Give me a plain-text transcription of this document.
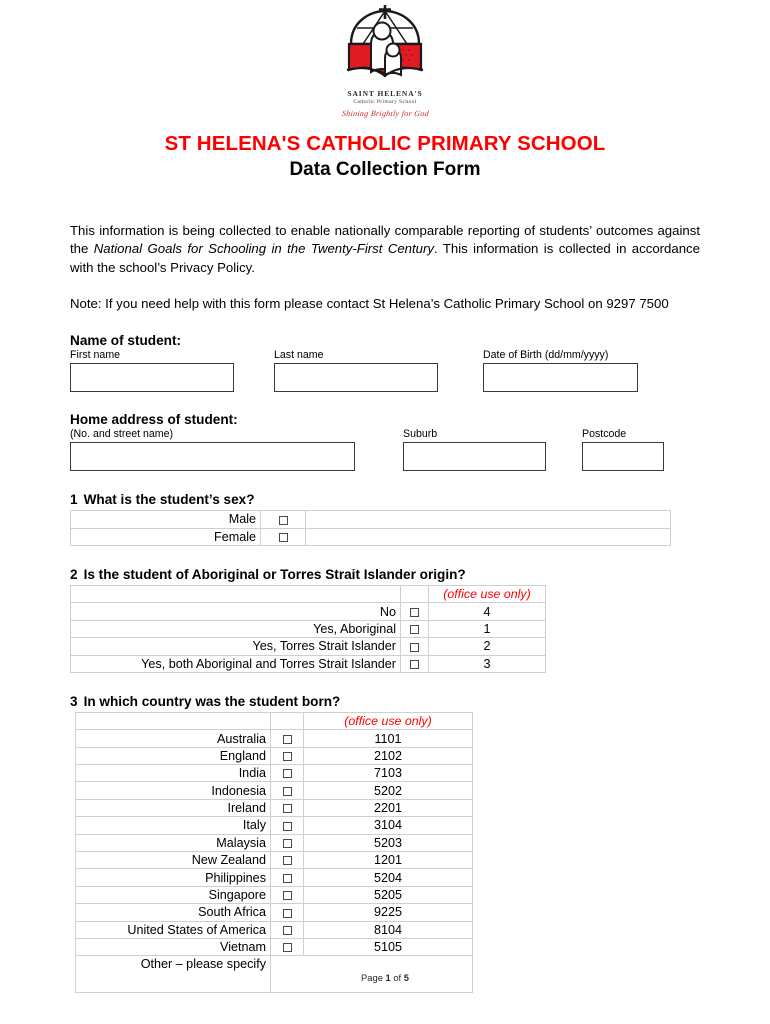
SAINT HELENA'S
Catholic Primary School
Shining Brightly for God
ST HELENA'S CATHOLIC PRIMARY SCHOOL
Data Collection Form

This information is being collected to enable nationally comparable reporting of students’ outcomes against the National Goals for Schooling in the Twenty-First Century. This information is collected in accordance with the school’s Privacy Policy.

Note: If you need help with this form please contact St Helena’s Catholic Primary School on 9297 7500

Name of student:
First name	Last name	Date of Birth (dd/mm/yyyy)
Home address of student:
(No. and street name)	Suburb	Postcode
1 What is the student’s sex?
Male		
Female		
2 Is the student of Aboriginal or Torres Strait Islander origin?

		(office use only)

No		4
Yes, Aboriginal		1
Yes, Torres Strait Islander		2
Yes, both Aboriginal and Torres Strait Islander		3
3 In which country was the student born?

		(office use only)

Australia		1101
England		2102
India		7103
Indonesia		5202
Ireland		2201
Italy		3104
Malaysia		5203
New Zealand		1201
Philippines		5204
Singapore		5205
South Africa		9225
United States of America		8104
Vietnam		5105
Other – please specify		
Page 1 of 5
